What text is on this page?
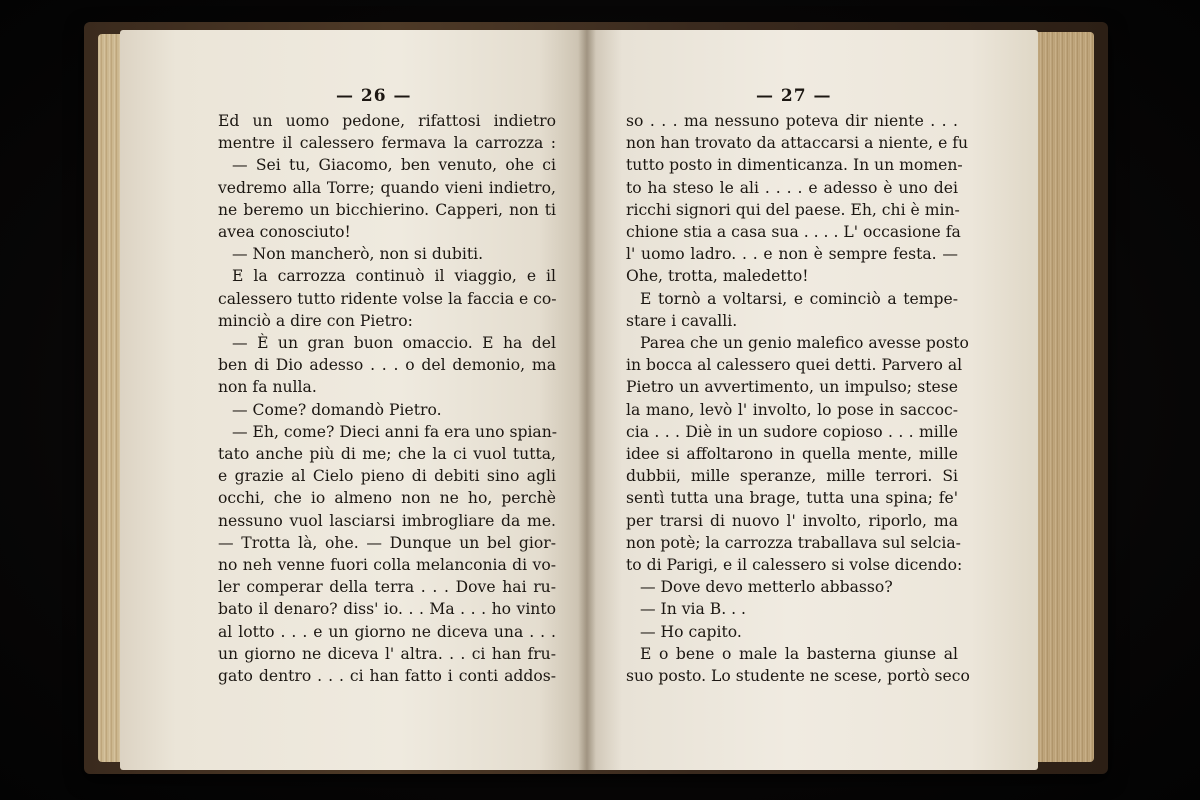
— 26 —
Ed un uomo pedone, rifattosi indietro
mentre il calessero fermava la carrozza :
— Sei tu, Giacomo, ben venuto, ohe ci
vedremo alla Torre; quando vieni indietro,
ne beremo un bicchierino. Capperi, non ti
avea conosciuto!
— Non mancherò, non si dubiti.
E la carrozza continuò il viaggio, e il
calessero tutto ridente volse la faccia e co-
minciò a dire con Pietro:
— È un gran buon omaccio. E ha del
ben di Dio adesso . . . o del demonio, ma
non fa nulla.
— Come? domandò Pietro.
— Eh, come? Dieci anni fa era uno spian-
tato anche più di me; che la ci vuol tutta,
e grazie al Cielo pieno di debiti sino agli
occhi, che io almeno non ne ho, perchè
nessuno vuol lasciarsi imbrogliare da me.
— Trotta là, ohe. — Dunque un bel gior-
no neh venne fuori colla melanconia di vo-
ler comperar della terra . . . Dove hai ru-
bato il denaro? diss' io. . . Ma . . . ho vinto
al lotto . . . e un giorno ne diceva una . . .
un giorno ne diceva l' altra. . . ci han fru-
gato dentro . . . ci han fatto i conti addos-
— 27 —
so . . . ma nessuno poteva dir niente . . .
non han trovato da attaccarsi a niente, e fu
tutto posto in dimenticanza. In un momen-
to ha steso le ali . . . . e adesso è uno dei
ricchi signori qui del paese. Eh, chi è min-
chione stia a casa sua . . . . L' occasione fa
l' uomo ladro. . . e non è sempre festa. —
Ohe, trotta, maledetto!
E tornò a voltarsi, e cominciò a tempe-
stare i cavalli.
Parea che un genio malefico avesse posto
in bocca al calessero quei detti. Parvero al
Pietro un avvertimento, un impulso; stese
la mano, levò l' involto, lo pose in saccoc-
cia . . . Diè in un sudore copioso . . . mille
idee si affoltarono in quella mente, mille
dubbii, mille speranze, mille terrori. Si
sentì tutta una brage, tutta una spina; fe'
per trarsi di nuovo l' involto, riporlo, ma
non potè; la carrozza traballava sul selcia-
to di Parigi, e il calessero si volse dicendo:
— Dove devo metterlo abbasso?
— In via B. . .
— Ho capito.
E o bene o male la basterna giunse al
suo posto. Lo studente ne scese, portò seco
